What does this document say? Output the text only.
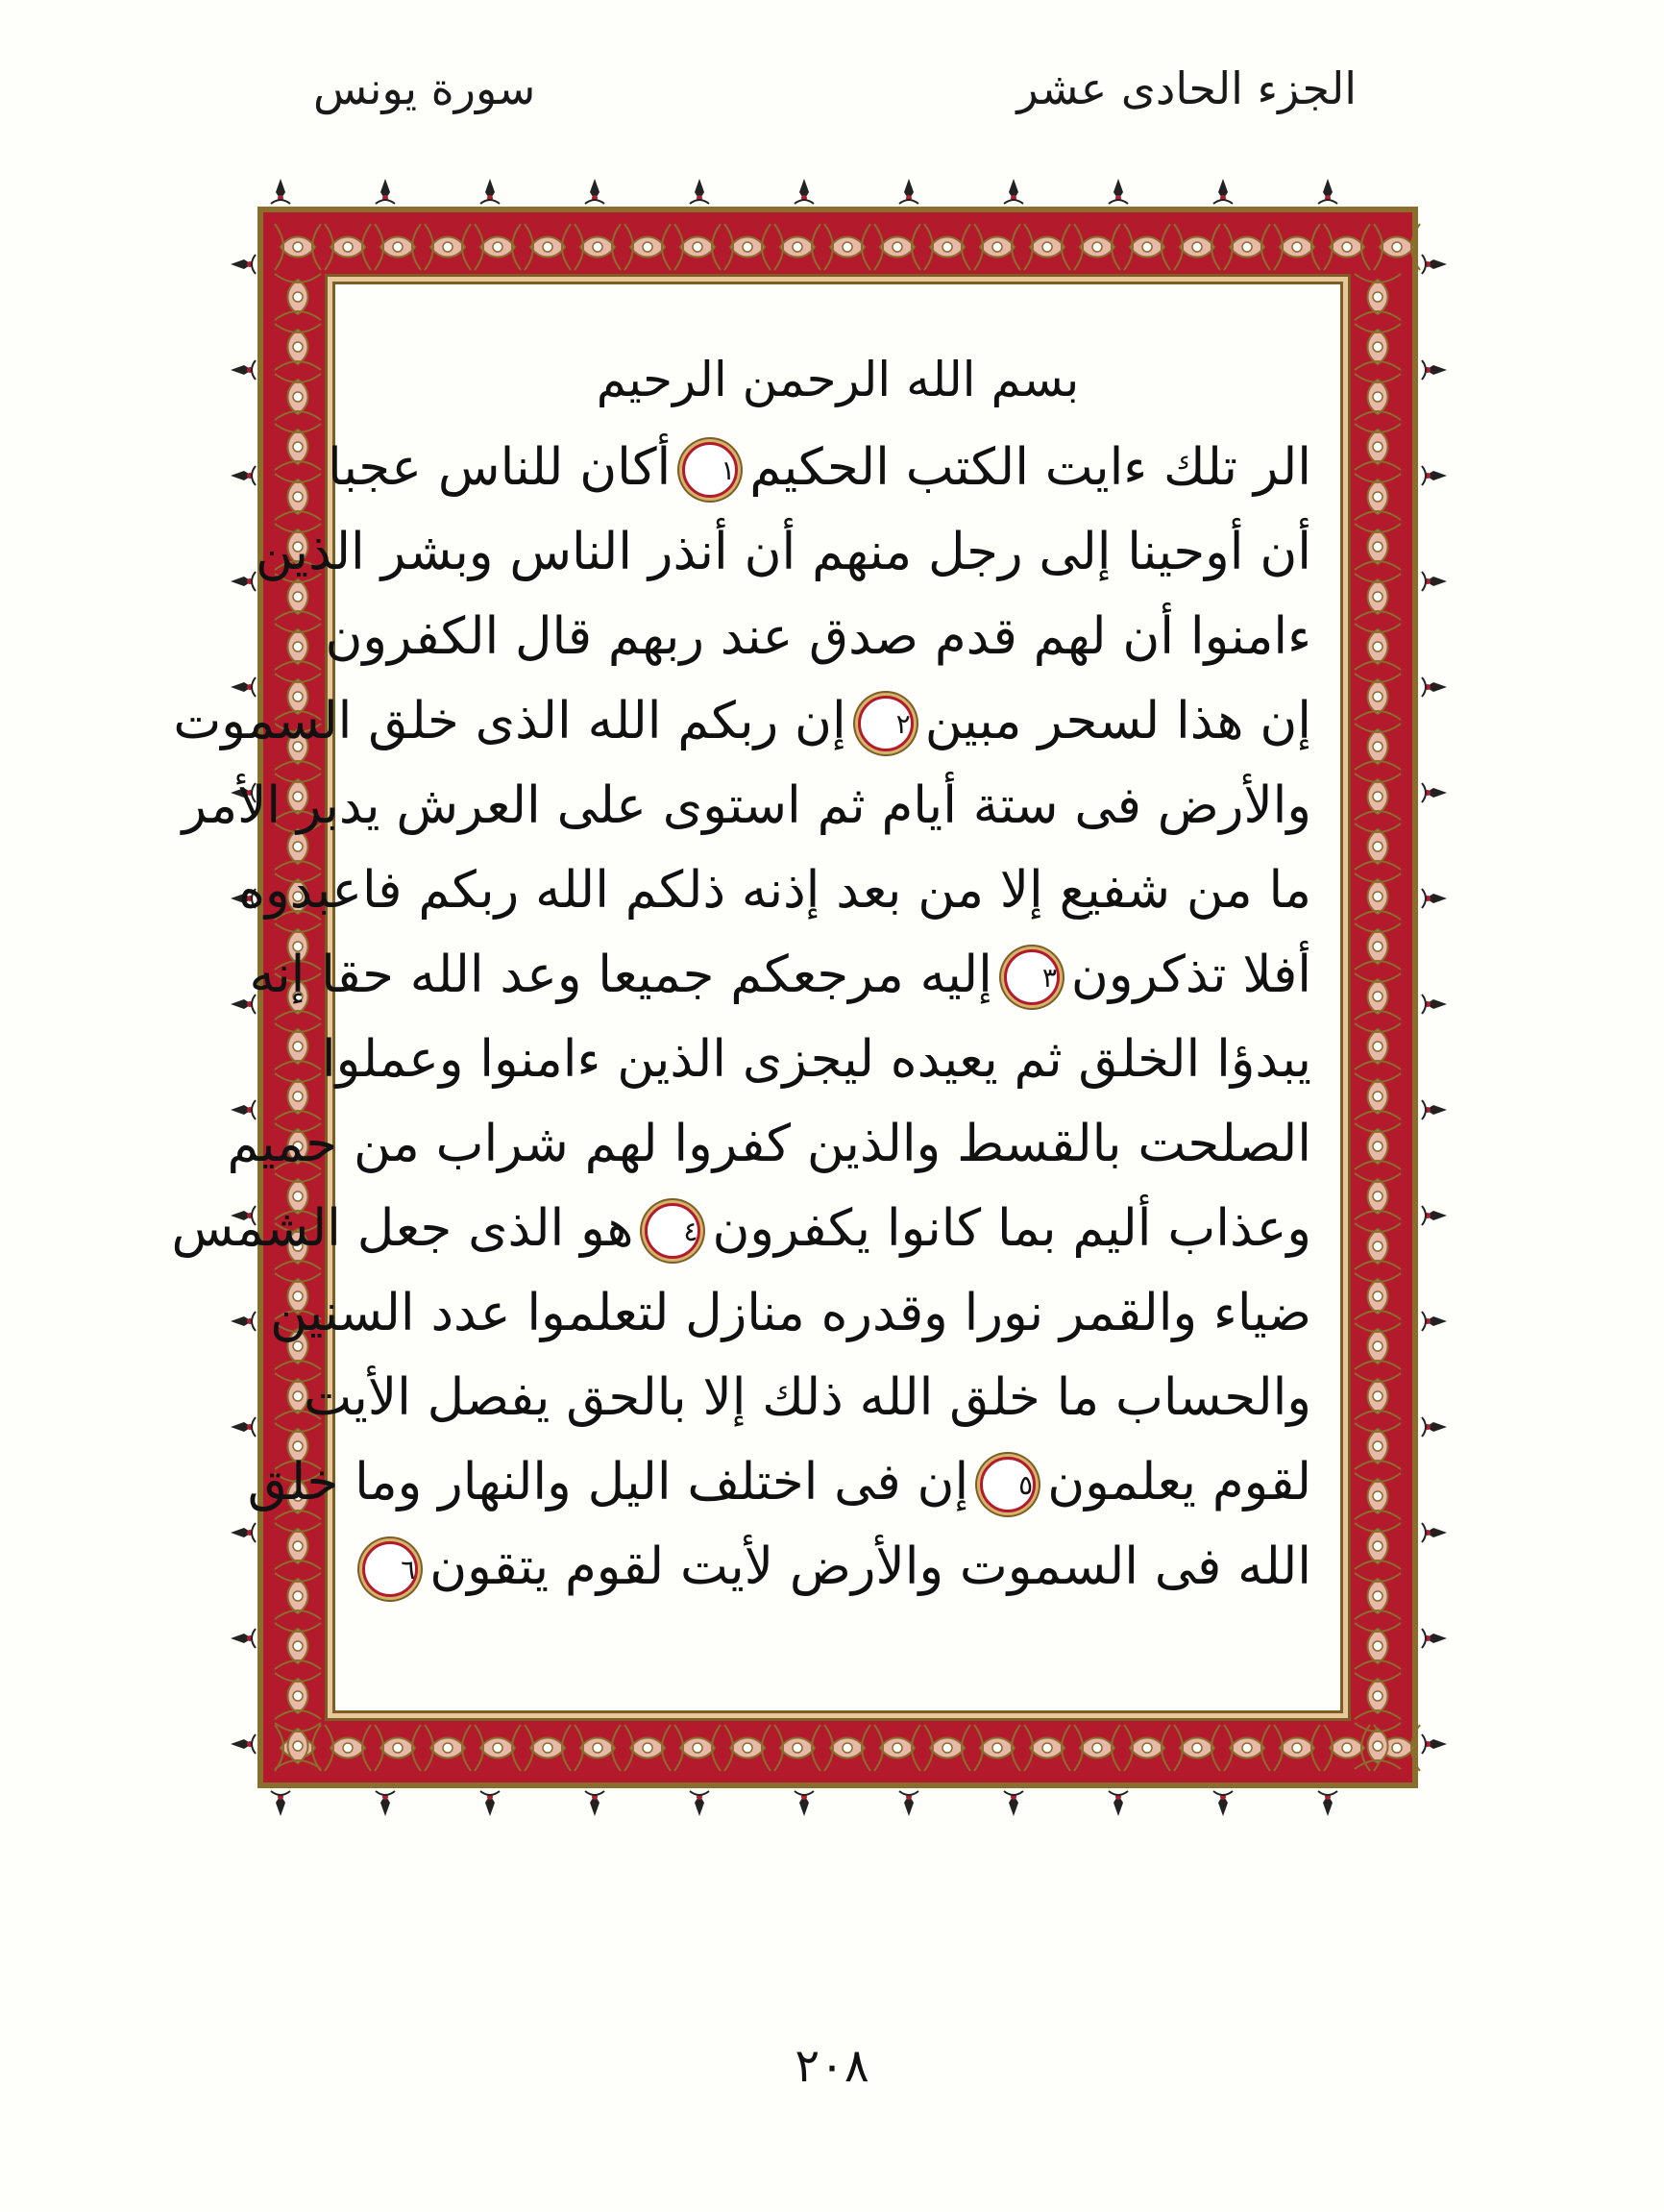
الجزء الحادى عشر
سورة يونس
بسم الله الرحمن الرحيم
الر تلك ءايت الكتب الحكيم١أكان للناس عجبا
أن أوحينا إلى رجل منهم أن أنذر الناس وبشر الذين
ءامنوا أن لهم قدم صدق عند ربهم قال الكفرون
إن هذا لسحر مبين٢إن ربكم الله الذى خلق السموت
والأرض فى ستة أيام ثم استوى على العرش يدبر الأمر
ما من شفيع إلا من بعد إذنه ذلكم الله ربكم فاعبدوه
أفلا تذكرون٣إليه مرجعكم جميعا وعد الله حقا إنه
يبدؤا الخلق ثم يعيده ليجزى الذين ءامنوا وعملوا
الصلحت بالقسط والذين كفروا لهم شراب من حميم
وعذاب أليم بما كانوا يكفرون٤هو الذى جعل الشمس
ضياء والقمر نورا وقدره منازل لتعلموا عدد السنين
والحساب ما خلق الله ذلك إلا بالحق يفصل الأيت
لقوم يعلمون٥إن فى اختلف اليل والنهار وما خلق
الله فى السموت والأرض لأيت لقوم يتقون٦
٢٠٨
